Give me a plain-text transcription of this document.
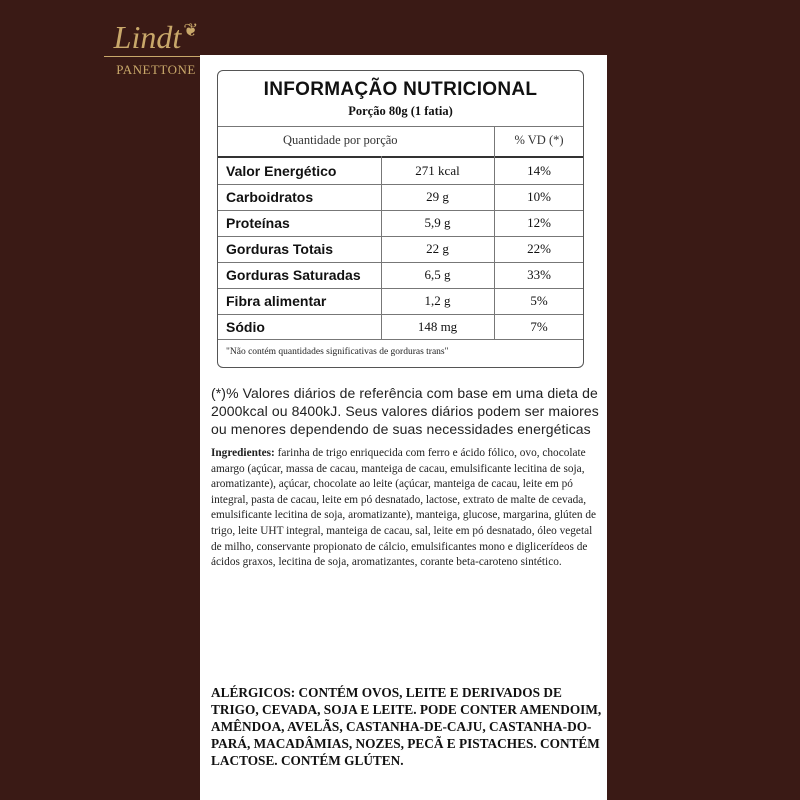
Lindt ❦
PANETTONE
INFORMAÇÃO NUTRICIONAL
Porção 80g (1 fatia)
Quantidade por porção	% VD (*)
Valor Energético	271 kcal	14%
Carboidratos	29 g	10%
Proteínas	5,9 g	12%
Gorduras Totais	22 g	22%
Gorduras Saturadas	6,5 g	33%
Fibra alimentar	1,2 g	5%
Sódio	148 mg	7%
"Não contém quantidades significativas de gorduras trans"
(*)% Valores diários de referência com base em uma dieta de 2000kcal ou 8400kJ. Seus valores diários podem ser maiores ou menores dependendo de suas necessidades energéticas
Ingredientes: farinha de trigo enriquecida com ferro e ácido fólico, ovo, chocolate amargo (açúcar, massa de cacau, manteiga de cacau, emulsificante lecitina de soja, aromatizante), açúcar, chocolate ao leite (açúcar, manteiga de cacau, leite em pó integral, pasta de cacau, leite em pó desnatado, lactose, extrato de malte de cevada, emulsificante lecitina de soja, aromatizante), manteiga, glucose, margarina, glúten de trigo, leite UHT integral, manteiga de cacau, sal, leite em pó desnatado, óleo vegetal de milho, conservante propionato de cálcio, emulsificantes mono e diglicerídeos de ácidos graxos, lecitina de soja, aromatizantes, corante beta-caroteno sintético.
ALÉRGICOS: CONTÉM OVOS, LEITE E DERIVADOS DE TRIGO, CEVADA, SOJA E LEITE. PODE CONTER AMENDOIM, AMÊNDOA, AVELÃS, CASTANHA-DE-CAJU, CASTANHA-DO-PARÁ, MACADÂMIAS, NOZES, PECÃ E PISTACHES. CONTÉM LACTOSE. CONTÉM GLÚTEN.
